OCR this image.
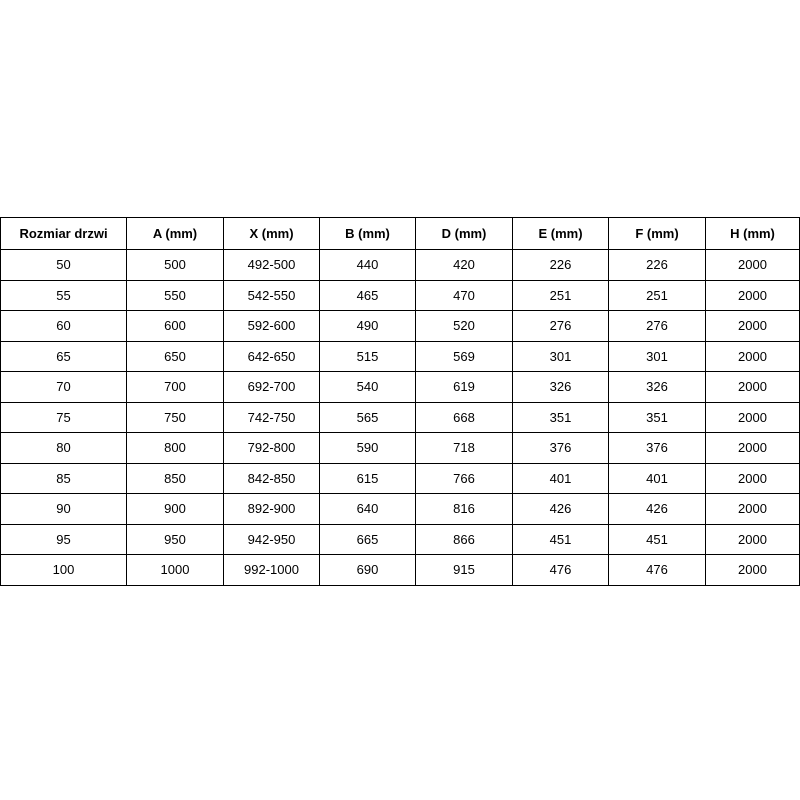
Rozmiar drzwi	A (mm)	X (mm)	B (mm)	D (mm)	E (mm)	F (mm)	H (mm)
50	500	492-500	440	420	226	226	2000
55	550	542-550	465	470	251	251	2000
60	600	592-600	490	520	276	276	2000
65	650	642-650	515	569	301	301	2000
70	700	692-700	540	619	326	326	2000
75	750	742-750	565	668	351	351	2000
80	800	792-800	590	718	376	376	2000
85	850	842-850	615	766	401	401	2000
90	900	892-900	640	816	426	426	2000
95	950	942-950	665	866	451	451	2000
100	1000	992-1000	690	915	476	476	2000
